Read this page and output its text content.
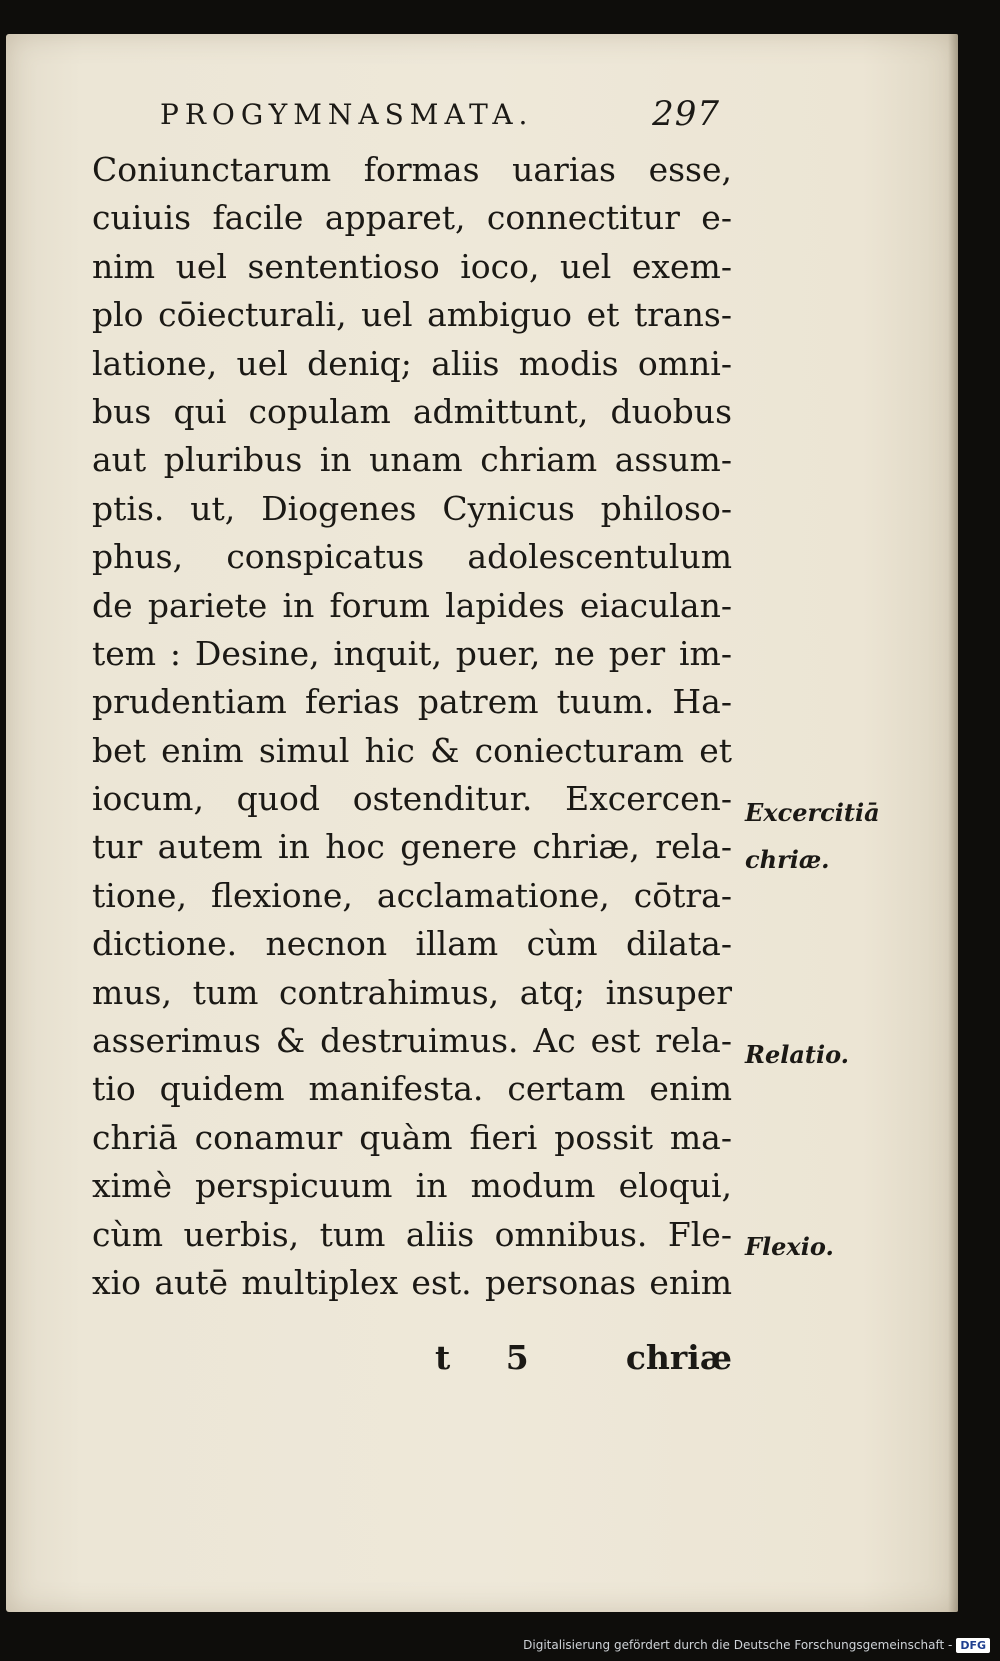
PROGYMNASMATA.	297
Coniunctarum formas uarias esse,
cuiuis facile apparet, connectitur e-
nim uel sententioso ioco, uel exem-
plo cōiecturali, uel ambiguo et trans-
latione, uel deniq; aliis modis omni-
bus qui copulam admittunt, duobus
aut pluribus in unam chriam assum-
ptis. ut, Diogenes Cynicus philoso-
phus, conspicatus adolescentulum
de pariete in forum lapides eiaculan-
tem : Desine, inquit, puer, ne per im-
prudentiam ferias patrem tuum. Ha-
bet enim simul hic & coniecturam et
iocum, quod ostenditur. Excercen-
tur autem in hoc genere chriæ, rela-
tione, flexione, acclamatione, cōtra-
dictione. necnon illam cùm dilata-
mus, tum contrahimus, atq; insuper
asserimus & destruimus. Ac est rela-
tio quidem manifesta. certam enim
chriā conamur quàm fieri possit ma-
ximè perspicuum in modum eloqui,
cùm uerbis, tum aliis omnibus. Fle-
xio autē multiplex est. personas enim
Excercitiā
chriæ.
Relatio.
Flexio.
t 5 chriæ
Digitalisierung gefördert durch die Deutsche Forschungsgemeinschaft - DFG
